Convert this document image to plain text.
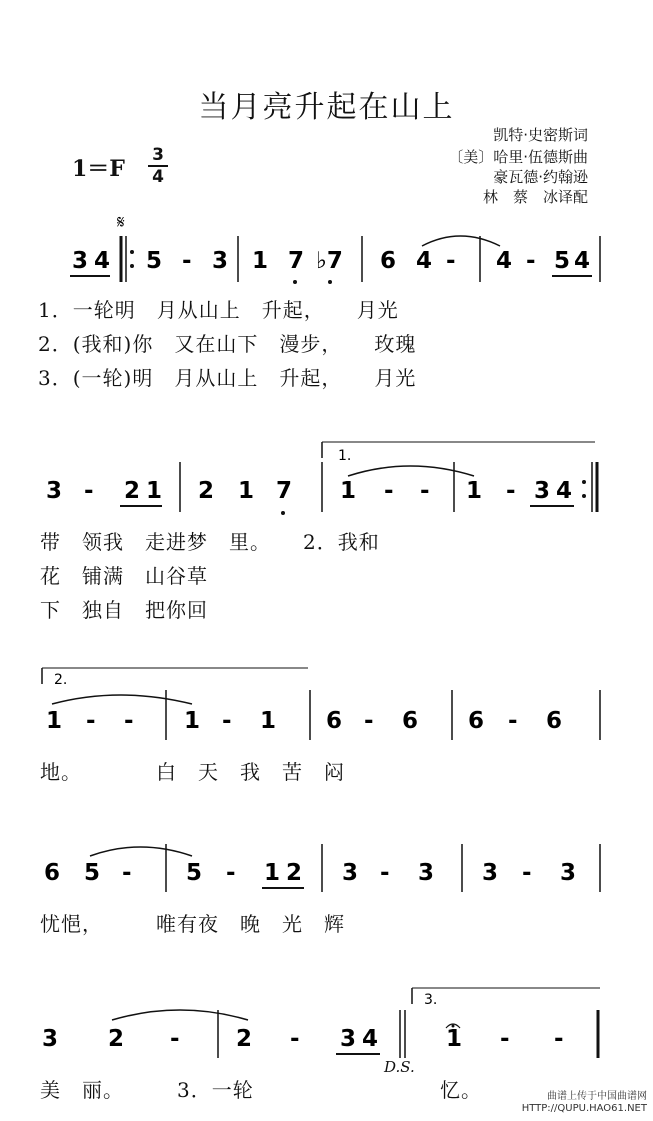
当月亮升起在山上
1＝F
3
4
凯特·史密斯词
〔美〕哈里·伍德斯曲
豪瓦德·约翰逊
林　蔡　冰译配
𝄋
3 4 5 - 3 1 7 ♭7 6 4 - 4 - 5 4
1.
3 - 2 1 2 1 7 1 - - 1 - 3 4
2.
1 - - 1 - 1 6 - 6 6 - 6
6 5 - 5 - 1 2 3 - 3 3 - 3
3.
3 2 - 2 - 3 4	1 - -
1．一轮明　月从山上　升起，　　月光
2．(我和)你　又在山下　漫步，　　玫瑰
3．(一轮)明　月从山上　升起，　　月光
带　领我　走进梦　里。　　2．我和
花　铺满　山谷草
下　独自　把你回
地。　　　　白　天　我　苦　闷
忧悒，　　　唯有夜　晚　光　辉
美　丽。　　　3．一轮	忆。
D.S.
曲谱上传于中国曲谱网
HTTP://QUPU.HAO61.NET
